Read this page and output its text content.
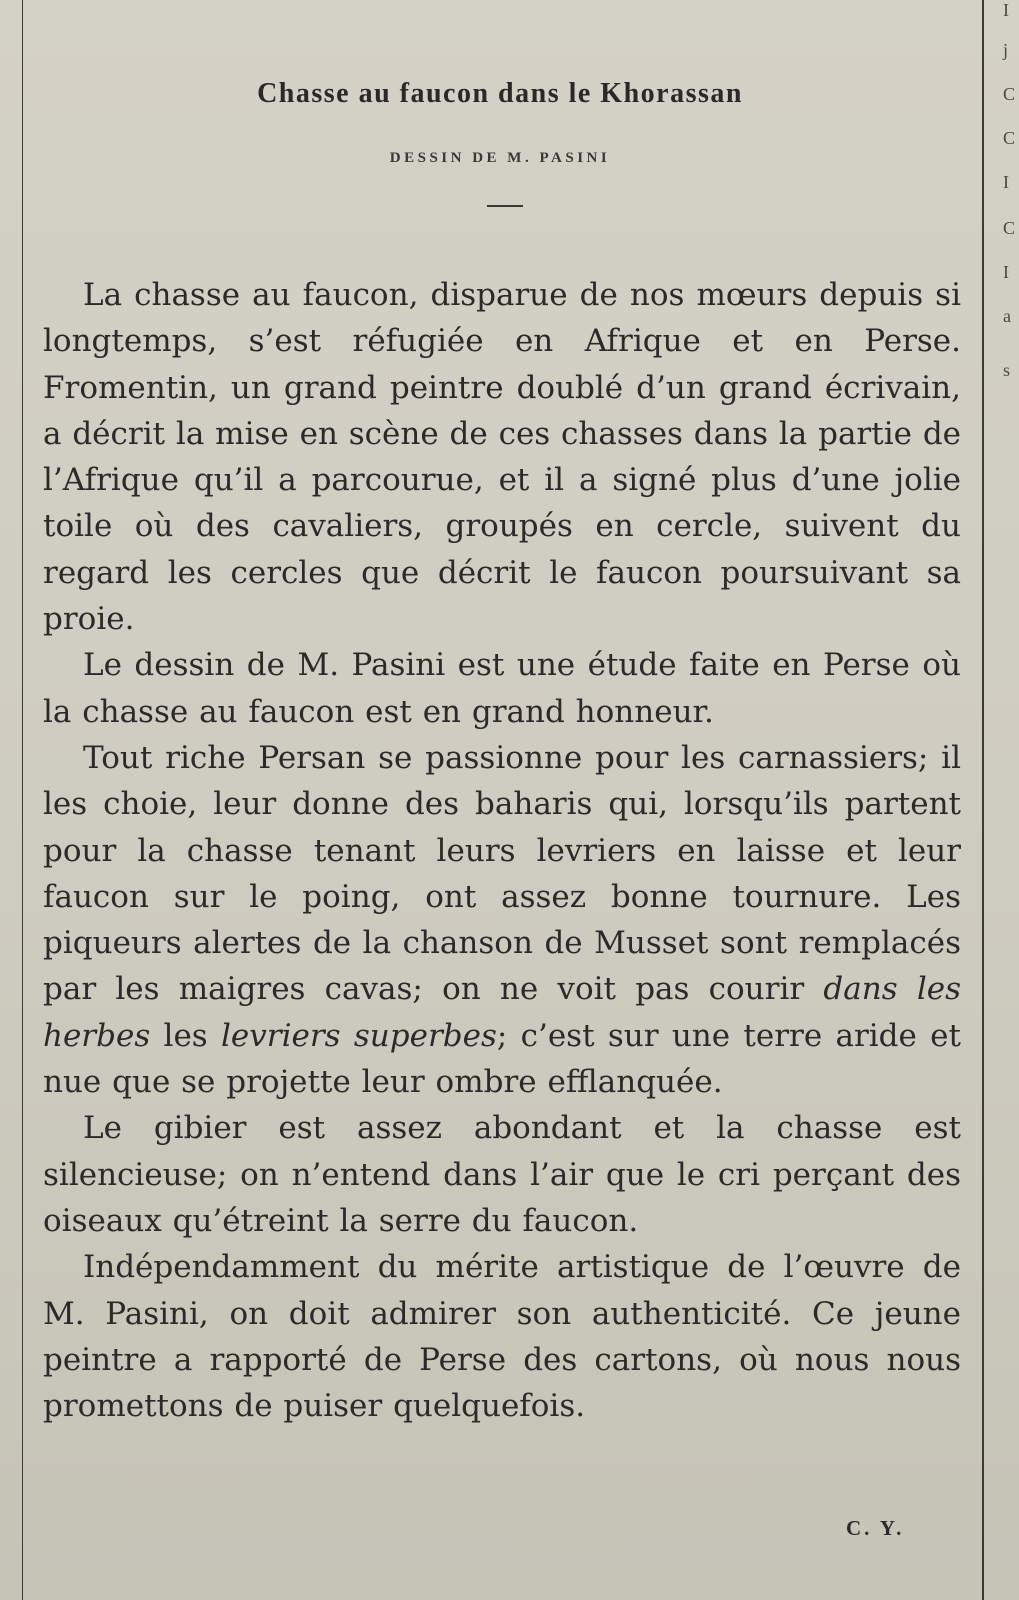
I
j
C
C
I
C
I
a
s
Chasse au faucon dans le Khorassan
DESSIN DE M. PASINI

La chasse au faucon, disparue de nos mœurs depuis si longtemps, s’est réfugiée en Afrique et en Perse. Fromentin, un grand peintre doublé d’un grand écrivain, a décrit la mise en scène de ces chasses dans la partie de l’Afrique qu’il a parcourue, et il a signé plus d’une jolie toile où des cavaliers, groupés en cercle, suivent du regard les cercles que décrit le faucon poursuivant sa proie.

Le dessin de M. Pasini est une étude faite en Perse où la chasse au faucon est en grand honneur.

Tout riche Persan se passionne pour les carnassiers; il les choie, leur donne des baharis qui, lorsqu’ils partent pour la chasse tenant leurs levriers en laisse et leur faucon sur le poing, ont assez bonne tournure. Les piqueurs alertes de la chanson de Musset sont remplacés par les maigres cavas; on ne voit pas courir dans les herbes les levriers superbes; c’est sur une terre aride et nue que se projette leur ombre efflanquée.

Le gibier est assez abondant et la chasse est silencieuse; on n’entend dans l’air que le cri perçant des oiseaux qu’étreint la serre du faucon.

Indépendamment du mérite artistique de l’œuvre de M. Pasini, on doit admirer son authenticité. Ce jeune peintre a rapporté de Perse des cartons, où nous nous promettons de puiser quelquefois.

C. Y.
